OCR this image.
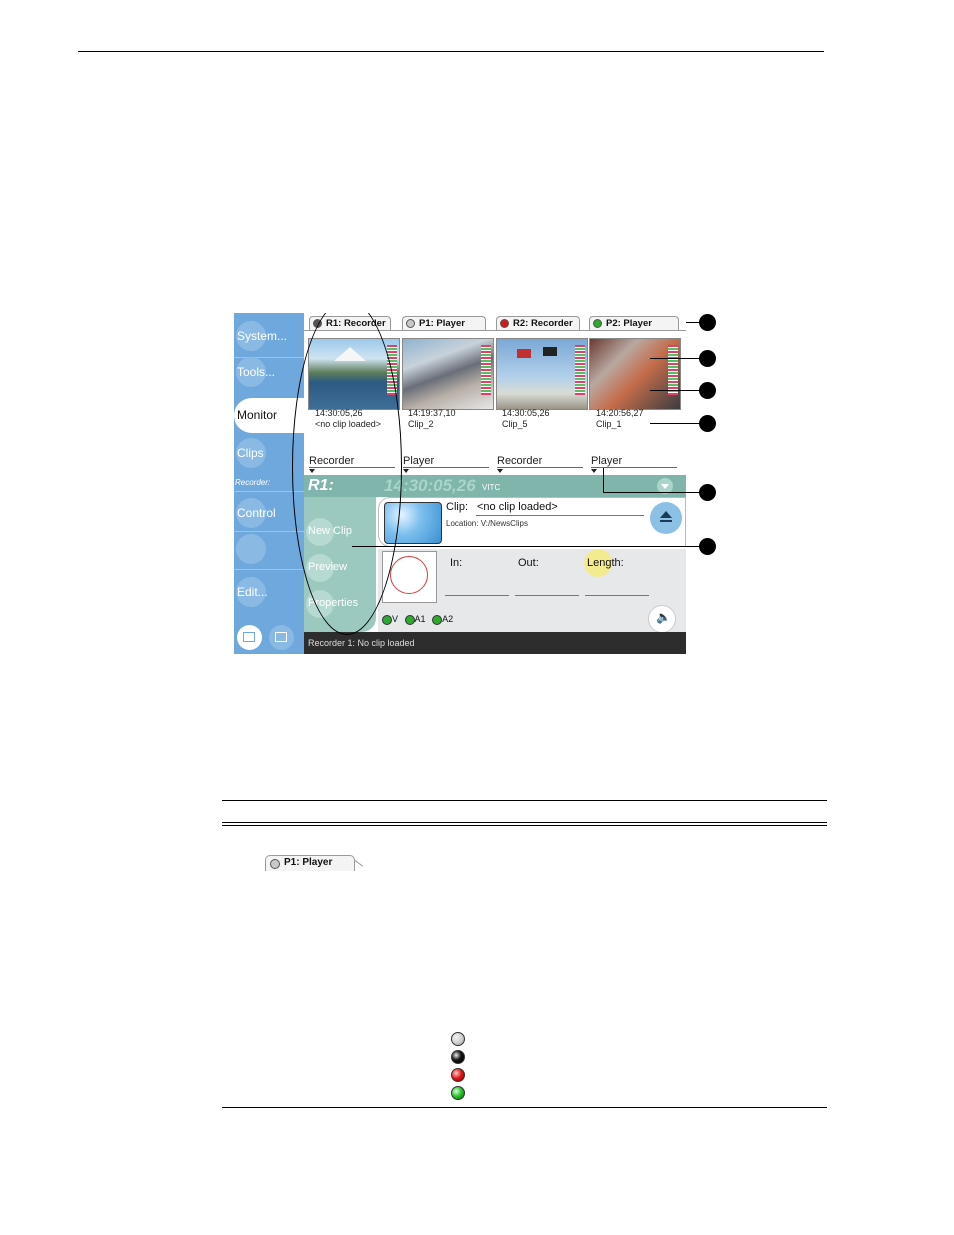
System...
Tools...
Monitor
Clips
Recorder:
Control
Edit...
R1: Recorder	P1: Player	R2: Recorder	P2: Player
14:30:05,26
<no clip loaded>
14:19:37,10
Clip_2
14:30:05,26
Clip_5
14:20:56,27
Clip_1
Recorder	Player	Recorder	Player
R1:	14:30:05,26 VITC
New Clip
Preview
Properties
Clip: <no clip loaded>
Location: V:/NewsClips
In:	Out:	Length:
🔈
V A1 A2
Recorder 1: No clip loaded
P1: Player
